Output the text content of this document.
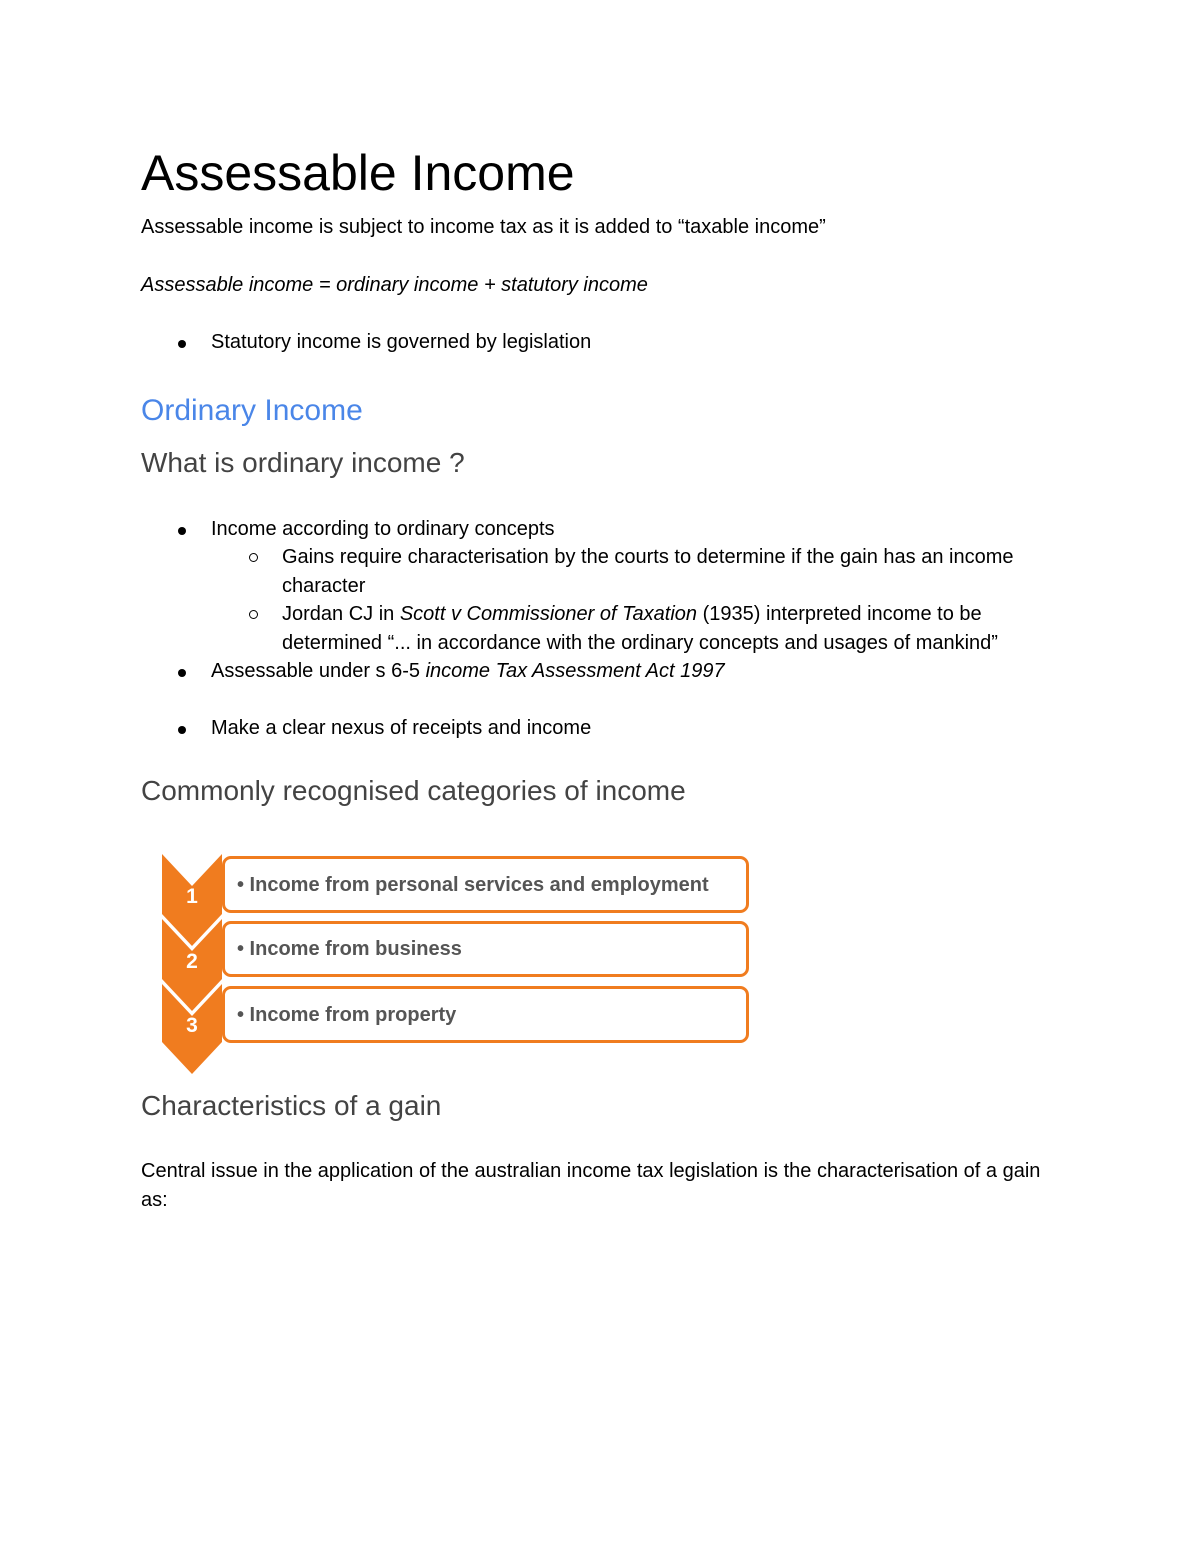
Assessable Income
Assessable income is subject to income tax as it is added to “taxable income”
Assessable income = ordinary income + statutory income
Statutory income is governed by legislation
Ordinary Income
What is ordinary income ?
Income according to ordinary concepts
Gains require characterisation by the courts to determine if the gain has an income character
Jordan CJ in Scott v Commissioner of Taxation (1935) interpreted income to be determined “... in accordance with the ordinary concepts and usages of mankind”
Assessable under s 6-5 income Tax Assessment Act 1997
Make a clear nexus of receipts and income
Commonly recognised categories of income
Characteristics of a gain
Central issue in the application of the australian income tax legislation is the characterisation of a gain as:
1
2
3
• Income from personal services and employment
• Income from business
• Income from property
